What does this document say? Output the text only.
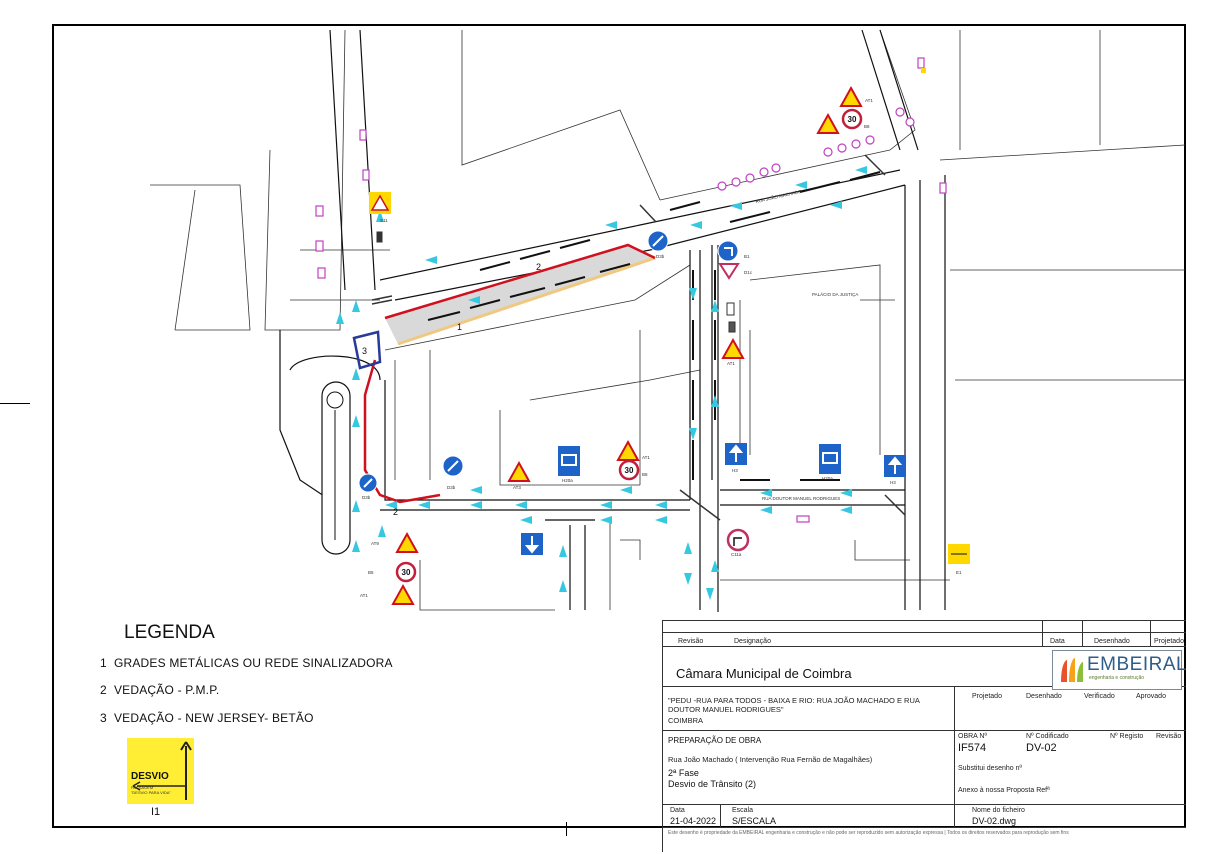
30
30
30
1
2
2
3
RUA JOÃO MACHADO
RUA DOUTOR MANUEL RODRIGUES
PALÁCIO DA JUSTIÇA
AT1
B8
D3b	B1
D1c
AT1
H3
H3
H20a	H20a
AT1
B8
AT3
D3b
D3b
AT9
B5
AT1
C11a
E1
S11
LEGENDA
1 GRADES METÁLICAS OU REDE SINALIZADORA
2 VEDAÇÃO - P.M.P.
3 VEDAÇÃO - NEW JERSEY- BETÃO
DESVIO
PASSAGEM
"DESVIO PARA VIDA"
I1
Revisão	Designação	Data	Desenhado	Projetado
Câmara Municipal de Coimbra	EMBEIRAL
engenharia e construção
"PEDU -RUA PARA TODOS - BAIXA E RIO: RUA JOÃO MACHADO E RUA DOUTOR MANUEL RODRIGUES"
COIMBRA
Projetado	Desenhado	Verificado	Aprovado
PREPARAÇÃO DE OBRA
Rua João Machado ( Intervenção Rua Fernão de Magalhães)
2ª Fase
Desvio de Trânsito (2)
OBRA Nº
IF574
Nº Codificado
DV-02
Nº Registo Revisão
Substitui desenho nº
Anexo à nossa Proposta Refª
Data
21-04-2022
Escala
S/ESCALA
Nome do ficheiro
DV-02.dwg
Este desenho é propriedade da EMBEIRAL engenharia e construção e não pode ser reproduzido sem autorização expressa | Todos os direitos reservados para reprodução sem fins
